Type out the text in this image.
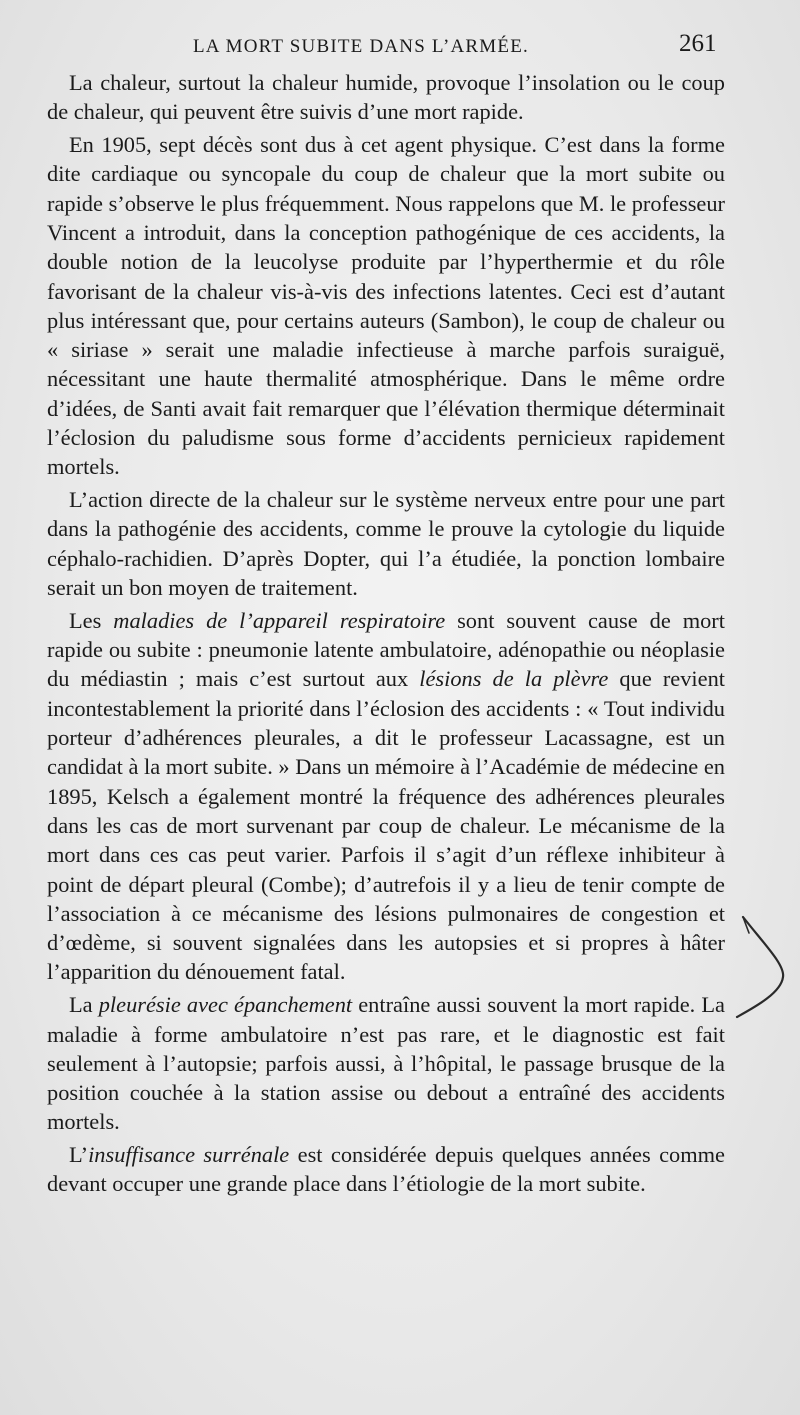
LA MORT SUBITE DANS L’ARMÉE.	261

La chaleur, surtout la chaleur humide, provoque l’insolation ou le coup de chaleur, qui peuvent être suivis d’une mort rapide.

En 1905, sept décès sont dus à cet agent physique. C’est dans la forme dite cardiaque ou syncopale du coup de chaleur que la mort subite ou rapide s’observe le plus fréquemment. Nous rappelons que M. le professeur Vincent a introduit, dans la conception pathogénique de ces accidents, la double notion de la leucolyse produite par l’hyperthermie et du rôle favorisant de la chaleur vis-à-vis des infections latentes. Ceci est d’autant plus intéressant que, pour certains auteurs (Sambon), le coup de chaleur ou « siriase » serait une maladie infectieuse à marche parfois suraiguë, nécessitant une haute thermalité atmosphérique. Dans le même ordre d’idées, de Santi avait fait remarquer que l’élévation thermique déterminait l’éclosion du paludisme sous forme d’accidents pernicieux rapidement mortels.

L’action directe de la chaleur sur le système nerveux entre pour une part dans la pathogénie des accidents, comme le prouve la cytologie du liquide céphalo-rachidien. D’après Dopter, qui l’a étudiée, la ponction lombaire serait un bon moyen de traitement.

Les maladies de l’appareil respiratoire sont souvent cause de mort rapide ou subite : pneumonie latente ambulatoire, adénopathie ou néoplasie du médiastin ; mais c’est surtout aux lésions de la plèvre que revient incontestablement la priorité dans l’éclosion des accidents : « Tout individu porteur d’adhérences pleurales, a dit le professeur Lacassagne, est un candidat à la mort subite. » Dans un mémoire à l’Académie de médecine en 1895, Kelsch a également montré la fréquence des adhérences pleurales dans les cas de mort survenant par coup de chaleur. Le mécanisme de la mort dans ces cas peut varier. Parfois il s’agit d’un réflexe inhibiteur à point de départ pleural (Combe); d’autrefois il y a lieu de tenir compte de l’association à ce mécanisme des lésions pulmonaires de congestion et d’œdème, si souvent signalées dans les autopsies et si propres à hâter l’apparition du dénouement fatal.

La pleurésie avec épanchement entraîne aussi souvent la mort rapide. La maladie à forme ambulatoire n’est pas rare, et le diagnostic est fait seulement à l’autopsie; parfois aussi, à l’hôpital, le passage brusque de la position couchée à la station assise ou debout a entraîné des accidents mortels.

L’insuffisance surrénale est considérée depuis quelques années comme devant occuper une grande place dans l’étiologie de la mort subite.
